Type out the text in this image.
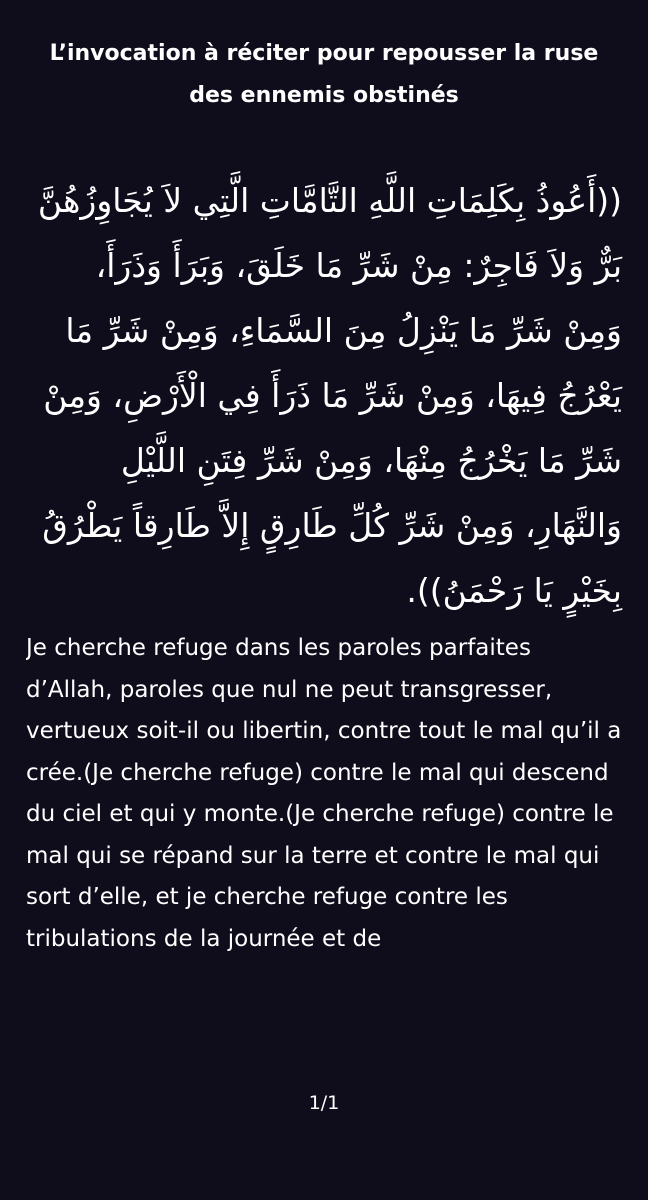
L’invocation à réciter pour repousser la ruse des ennemis obstinés

((أَعُوذُ بِكَلِمَاتِ اللَّهِ التَّامَّاتِ الَّتِي لاَ يُجَاوِزُهُنَّ بَرٌّ وَلاَ فَاجِرٌ: مِنْ شَرِّ مَا خَلَقَ، وَبَرَأَ وَذَرَأَ، وَمِنْ شَرِّ مَا يَنْزِلُ مِنَ السَّمَاءِ، وَمِنْ شَرِّ مَا يَعْرُجُ فِيهَا، وَمِنْ شَرِّ مَا ذَرَأَ فِي الْأَرْضِ، وَمِنْ شَرِّ مَا يَخْرُجُ مِنْهَا، وَمِنْ شَرِّ فِتَنِ اللَّيْلِ وَالنَّهَارِ، وَمِنْ شَرِّ كُلِّ طَارِقٍ إِلاَّ طَارِقاً يَطْرُقُ بِخَيْرٍ يَا رَحْمَنُ)).

Je cherche refuge dans les paroles parfaites d’Allah, paroles que nul ne peut transgresser, vertueux soit-il ou libertin, contre tout le mal qu’il a crée.(Je cherche refuge) contre le mal qui descend du ciel et qui y monte.(Je cherche refuge) contre le mal qui se répand sur la terre et contre le mal qui sort d’elle, et je cherche refuge contre les tribulations de la journée et de

1/1
